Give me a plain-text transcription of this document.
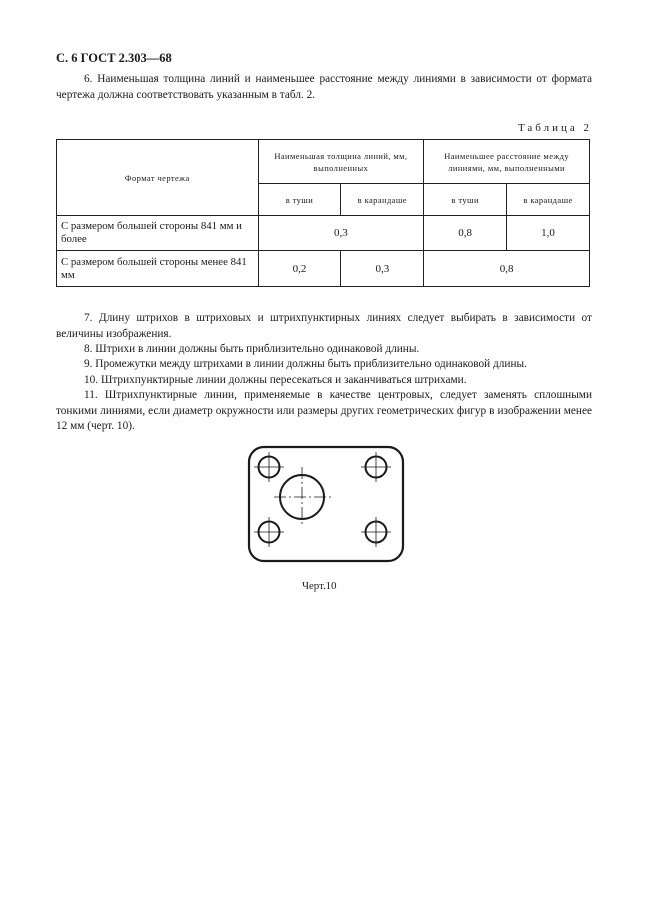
С. 6 ГОСТ 2.303—68

6. Наименьшая толщина линий и наименьшее расстояние между линиями в зависимости от формата чертежа должна соответствовать указанным в табл. 2.

Таблица 2
Формат чертежа	Наименьшая толщина линий, мм, выполненных		Наименьшее расстояние между линиями, мм, выполненными	
	в туши	в карандаше	в туши	в карандаше
С размером большей стороны 841 мм и более	0,3		0,8	1,0
С размером большей стороны менее 841 мм	0,2	0,3	0,8	

7. Длину штрихов в штриховых и штрихпунктирных линиях следует выбирать в зависимости от величины изображения.

8. Штрихи в линии должны быть приблизительно одинаковой длины.

9. Промежутки между штрихами в линии должны быть приблизительно одинаковой длины.

10. Штрихпунктирные линии должны пересекаться и заканчиваться штрихами.

11. Штрихпунктирные линии, применяемые в качестве центровых, следует заменять сплошными тонкими линиями, если диаметр окружности или размеры других геометрических фигур в изображении менее 12 мм (черт. 10).

Черт.10
